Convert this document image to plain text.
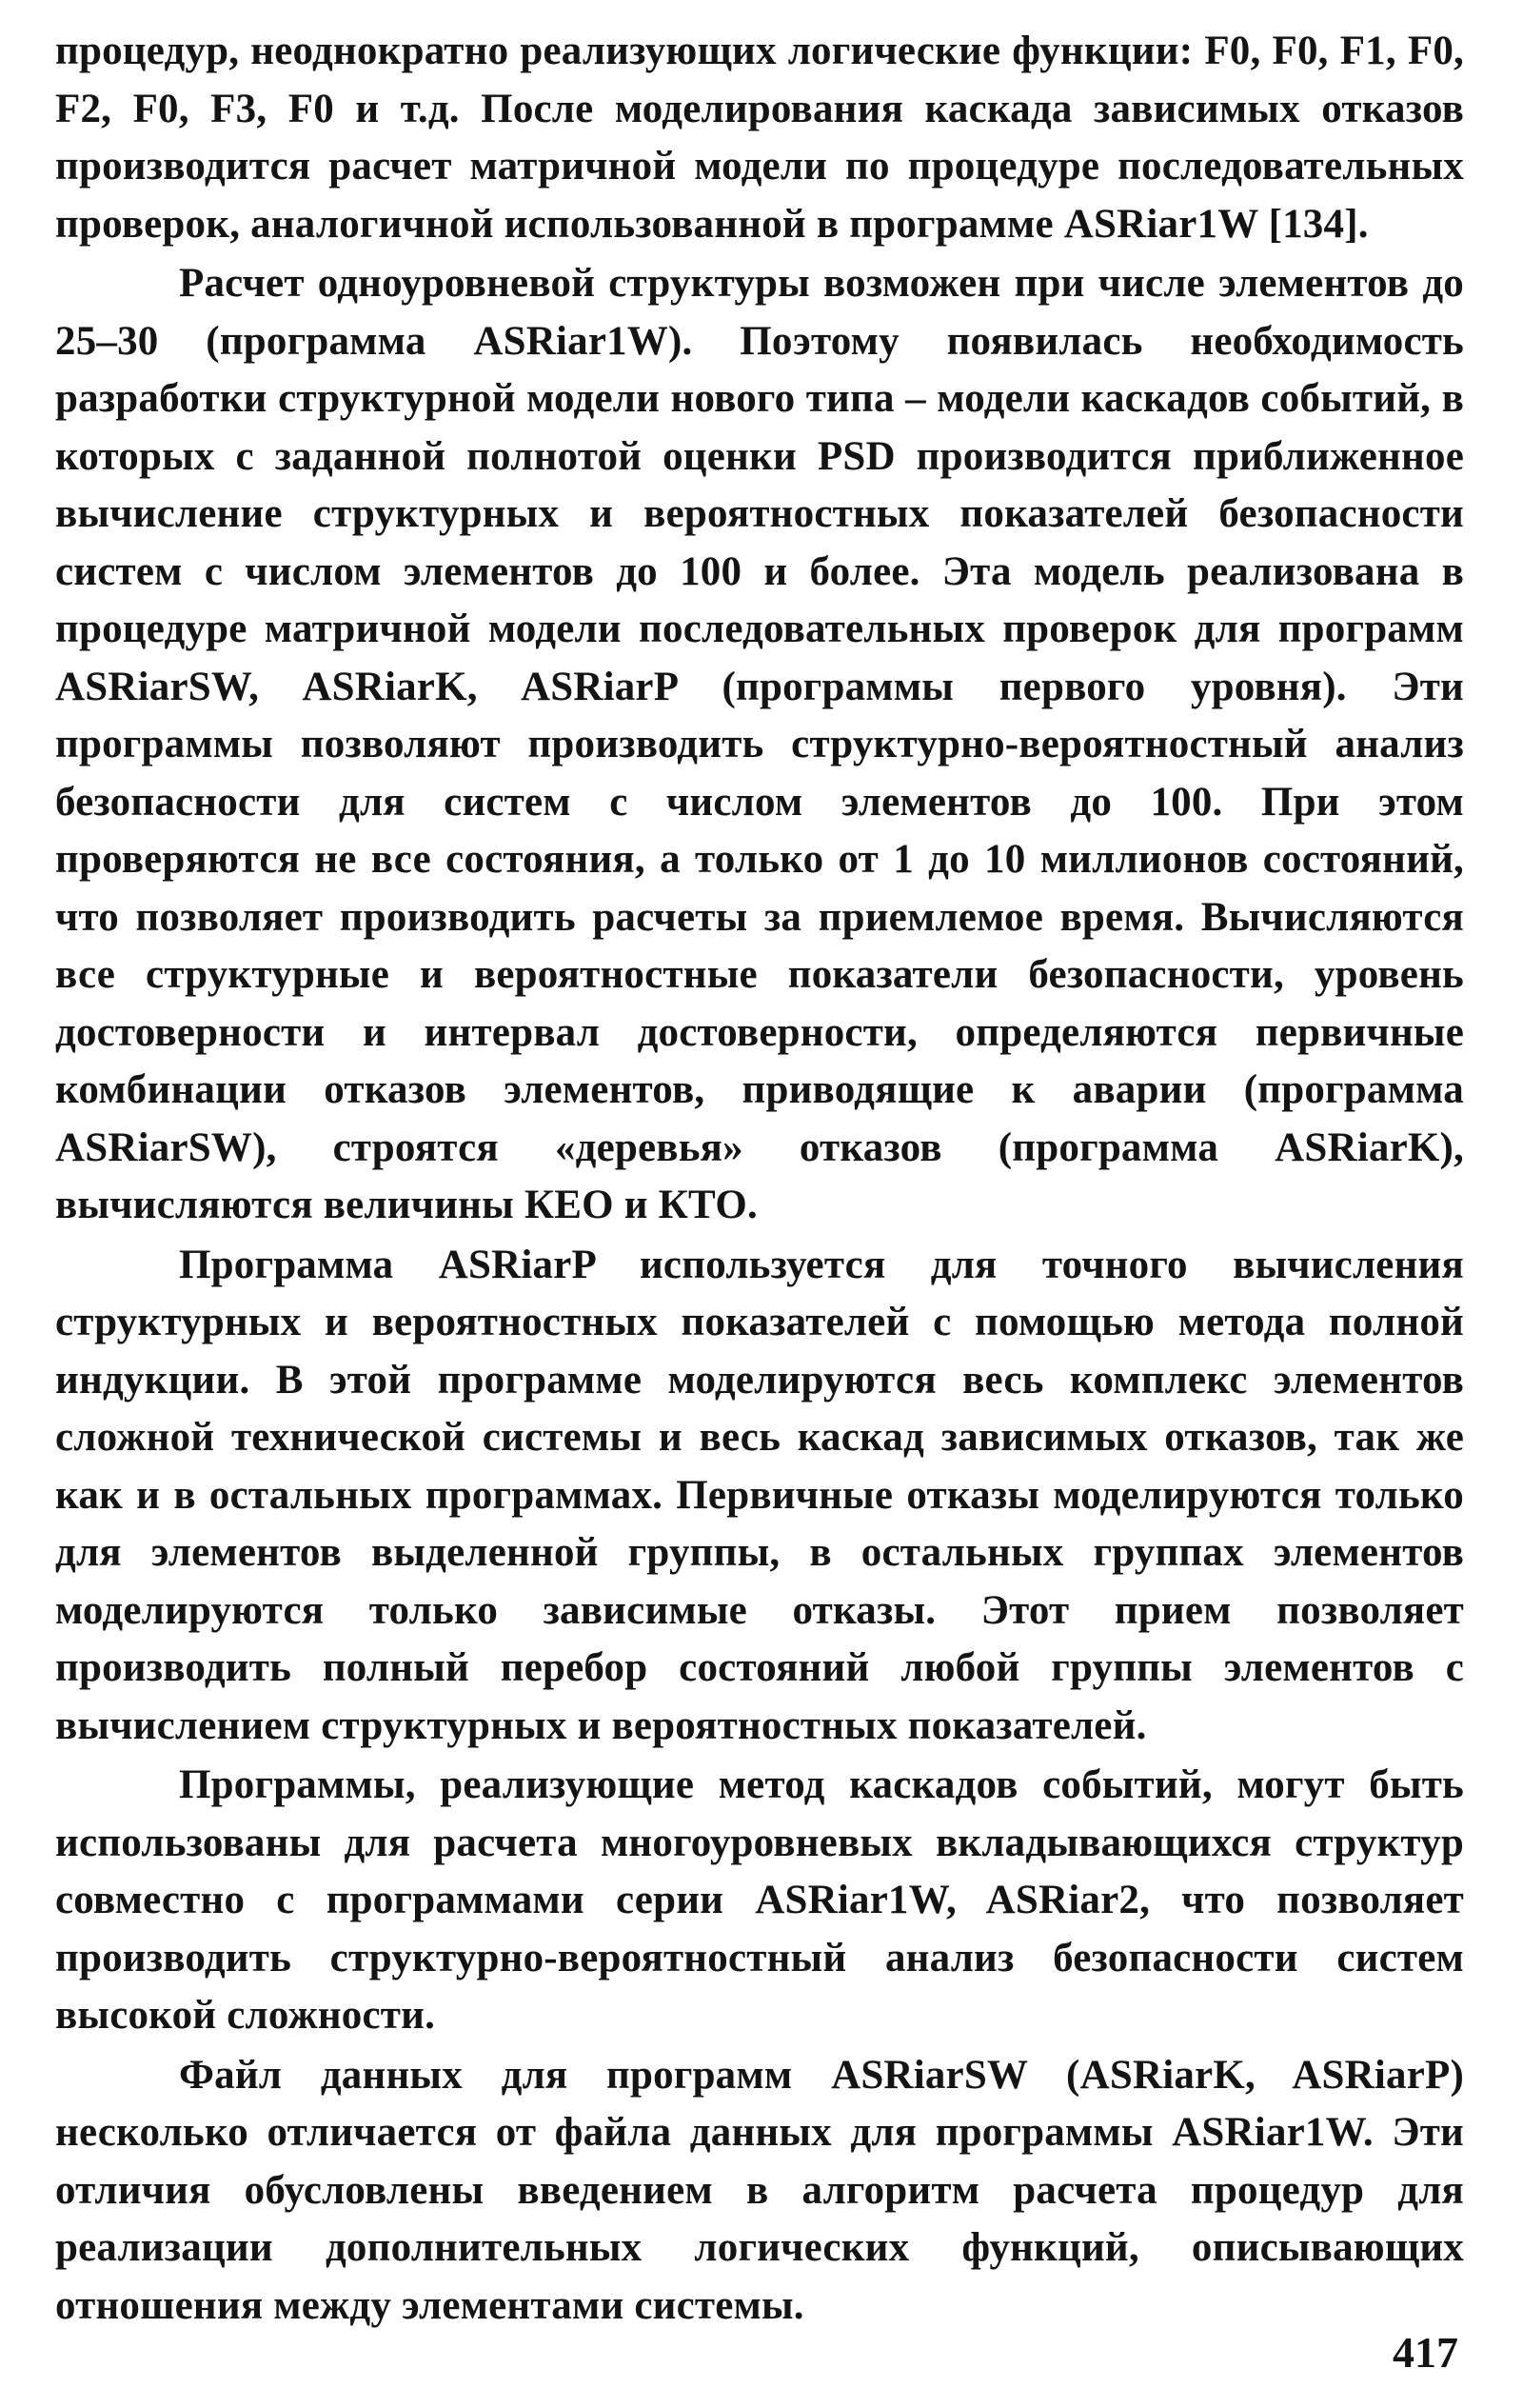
процедур, неоднократно реализующих логические функции: F0, F0, F1, F0, F2, F0, F3, F0 и т.д. После моделирования каскада зависимых отказов производится расчет матричной модели по процедуре последовательных проверок, аналогичной использованной в программе ASRiar1W [134].

Расчет одноуровневой структуры возможен при числе элементов до 25–30 (программа ASRiar1W). Поэтому появилась необходимость разработки структурной модели нового типа – модели каскадов событий, в которых с заданной полнотой оценки PSD производится приближенное вычисление структурных и вероятностных показателей безопасности систем с числом элементов до 100 и более. Эта модель реализована в процедуре матричной модели последовательных проверок для программ ASRiarSW, ASRiarK, ASRiarP (программы первого уровня). Эти программы позволяют производить структурно-вероятностный анализ безопасности для систем с числом элементов до 100. При этом проверяются не все состояния, а только от 1 до 10 миллионов состояний, что позволяет производить расчеты за приемлемое время. Вычисляются все структурные и вероятностные показатели безопасности, уровень достоверности и интервал достоверности, определяются первичные комбинации отказов элементов, приводящие к аварии (программа ASRiarSW), строятся «деревья» отказов (программа ASRiarK), вычисляются величины КЕО и КТО.

Программа ASRiarP используется для точного вычисления структурных и вероятностных показателей с помощью метода полной индукции. В этой программе моделируются весь комплекс элементов сложной технической системы и весь каскад зависимых отказов, так же как и в остальных программах. Первичные отказы моделируются только для элементов выделенной группы, в остальных группах элементов моделируются только зависимые отказы. Этот прием позволяет производить полный перебор состояний любой группы элементов с вычислением структурных и вероятностных показателей.

Программы, реализующие метод каскадов событий, могут быть использованы для расчета многоуровневых вкладывающихся структур совместно с программами серии ASRiar1W, ASRiar2, что позволяет производить структурно-вероятностный анализ безопасности систем высокой сложности.

Файл данных для программ ASRiarSW (ASRiarK, ASRiarP) несколько отличается от файла данных для программы ASRiar1W. Эти отличия обусловлены введением в алгоритм расчета процедур для реализации дополнительных логических функций, описывающих отношения между элементами системы.

417
